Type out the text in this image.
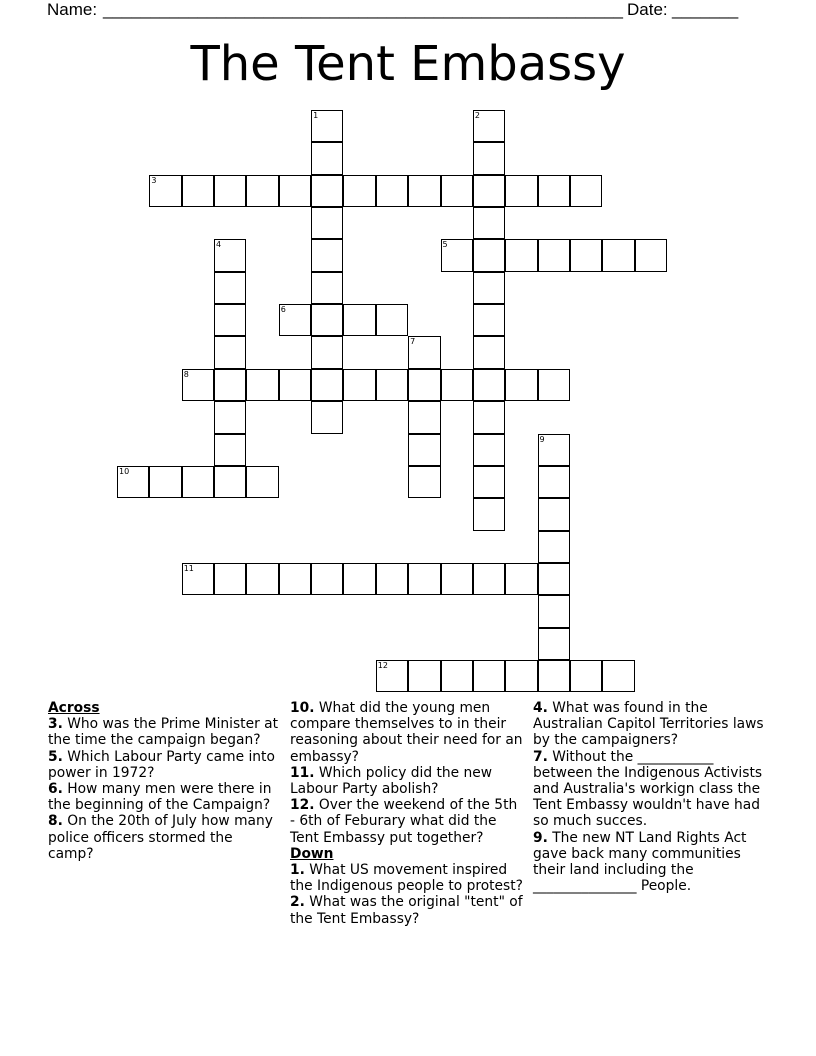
Name: _______________________________________________________ Date: _______
The Tent Embassy
1	2
3
4	5
6
7
8
9
10
11
12

Across

3. Who was the Prime Minister at the time the campaign began?

5. Which Labour Party came into power in 1972?

6. How many men were there in the beginning of the Campaign?

8. On the 20th of July how many police officers stormed the camp?

10. What did the young men compare themselves to in their reasoning about their need for an embassy?

11. Which policy did the new Labour Party abolish?

12. Over the weekend of the 5th - 6th of Feburary what did the Tent Embassy put together?

Down

1. What US movement inspired the Indigenous people to protest?

2. What was the original "tent" of the Tent Embassy?

4. What was found in the Australian Capitol Territories laws by the campaigners?

7. Without the ___________ between the Indigenous Activists and Australia's workign class the Tent Embassy wouldn't have had so much succes.

9. The new NT Land Rights Act gave back many communities their land including the _______________ People.
